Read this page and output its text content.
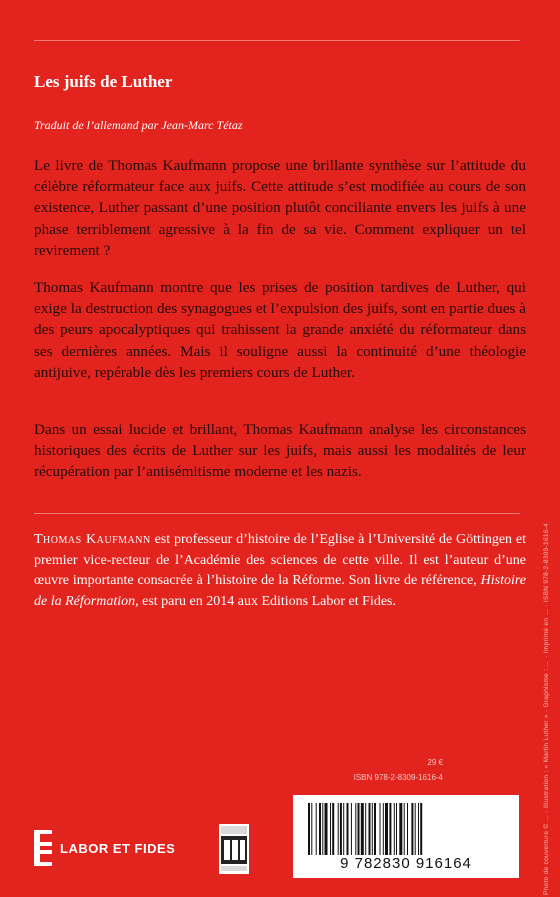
Les juifs de Luther
Traduit de l’allemand par Jean-Marc Tétaz
Le livre de Thomas Kaufmann propose une brillante synthèse sur l’attitude du célèbre réformateur face aux juifs. Cette attitude s’est modifiée au cours de son existence, Luther passant d’une position plutôt conciliante envers les juifs à une phase terriblement agressive à la fin de sa vie. Comment expliquer un tel revirement ?
Thomas Kaufmann montre que les prises de position tardives de Luther, qui exige la destruction des synagogues et l’expulsion des juifs, sont en partie dues à des peurs apocalyptiques qui trahissent la grande anxiété du réformateur dans ses dernières années. Mais il souligne aussi la continuité d’une théologie antijuive, repérable dès les premiers cours de Luther.
Dans un essai lucide et brillant, Thomas Kaufmann analyse les circonstances historiques des écrits de Luther sur les juifs, mais aussi les modalités de leur récupération par l’antisémitisme moderne et les nazis.
Thomas Kaufmann est professeur d’histoire de l’Eglise à l’Université de Göttingen et premier vice-recteur de l’Académie des sciences de cette ville. Il est l’auteur d’une œuvre importante consacrée à l’histoire de la Réforme. Son livre de référence, Histoire de la Réformation, est paru en 2014 aux Editions Labor et Fides.
29 €
ISBN 978-2-8309-1616-4
9 782830 916164
LABOR ET FIDES	Photo de couverture © … · Illustration : « Martin Luther » · Graphisme : … · Imprimé en … · ISBN 978-2-8309-1616-4
